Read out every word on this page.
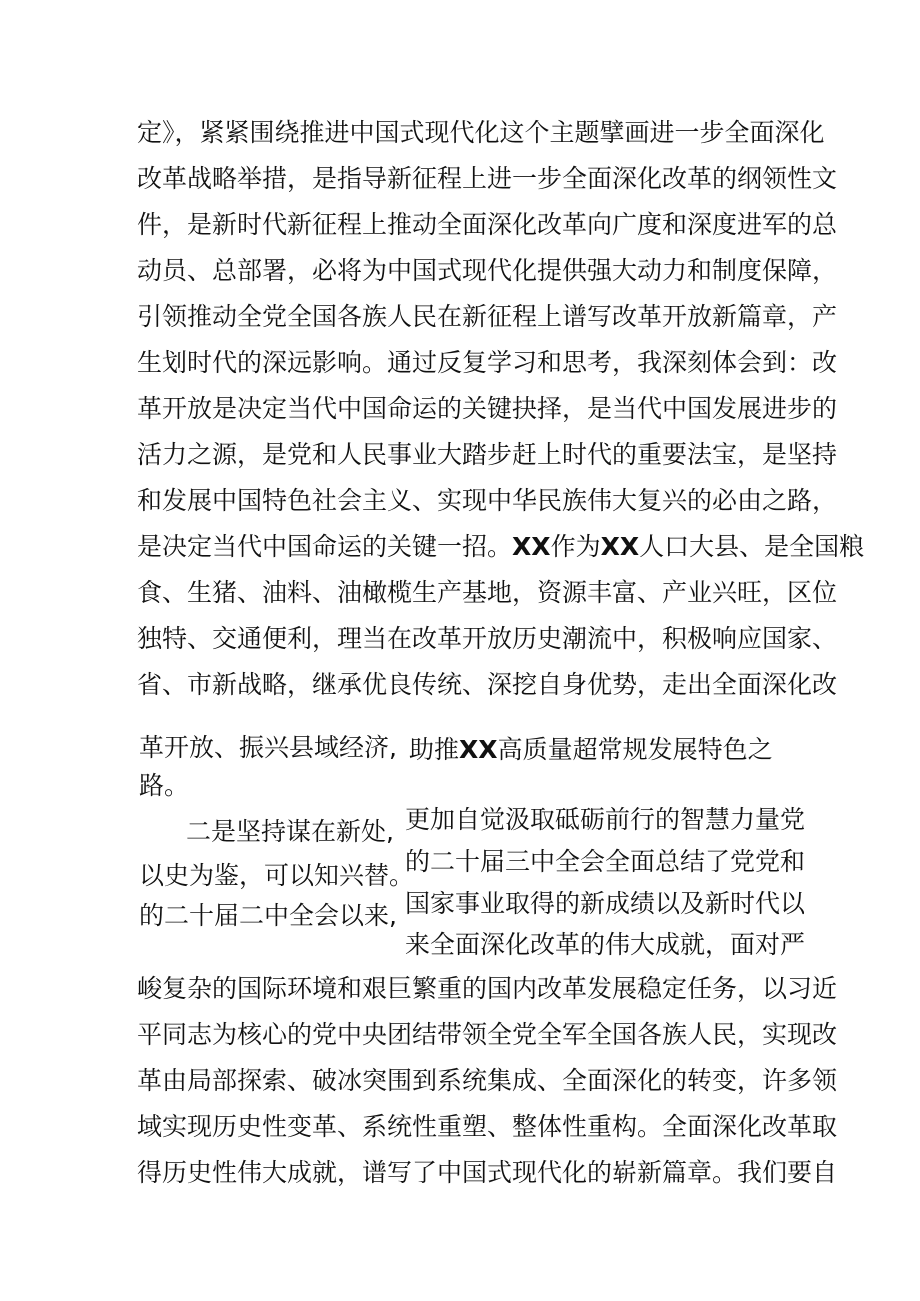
定》，紧紧围绕推进中国式现代化这个主题擘画进一步全面深化
改革战略举措，是指导新征程上进一步全面深化改革的纲领性文
件，是新时代新征程上推动全面深化改革向广度和深度进军的总
动员、总部署，必将为中国式现代化提供强大动力和制度保障，
引领推动全党全国各族人民在新征程上谱写改革开放新篇章，产
生划时代的深远影响。通过反复学习和思考，我深刻体会到：改
革开放是决定当代中国命运的关键抉择，是当代中国发展进步的
活力之源，是党和人民事业大踏步赶上时代的重要法宝，是坚持
和发展中国特色社会主义、实现中华民族伟大复兴的必由之路，
是决定当代中国命运的关键一招。XX作为XX人口大县、是全国粮
食、生猪、油料、油橄榄生产基地，资源丰富、产业兴旺，区位
独特、交通便利，理当在改革开放历史潮流中，积极响应国家、
省、市新战略，继承优良传统、深挖自身优势，走出全面深化改
革开放、振兴县域经济,
路。
二是坚持谋在新处,
以史为鉴，可以知兴替。
的二十届二中全会以来,
助推XX高质量超常规发展特色之
更加自觉汲取砥砺前行的智慧力量党
的二十届三中全会全面总结了党党和
国家事业取得的新成绩以及新时代以
来全面深化改革的伟大成就，面对严
峻复杂的国际环境和艰巨繁重的国内改革发展稳定任务，以习近
平同志为核心的党中央团结带领全党全军全国各族人民，实现改
革由局部探索、破冰突围到系统集成、全面深化的转变，许多领
域实现历史性变革、系统性重塑、整体性重构。全面深化改革取
得历史性伟大成就，谱写了中国式现代化的崭新篇章。我们要自
